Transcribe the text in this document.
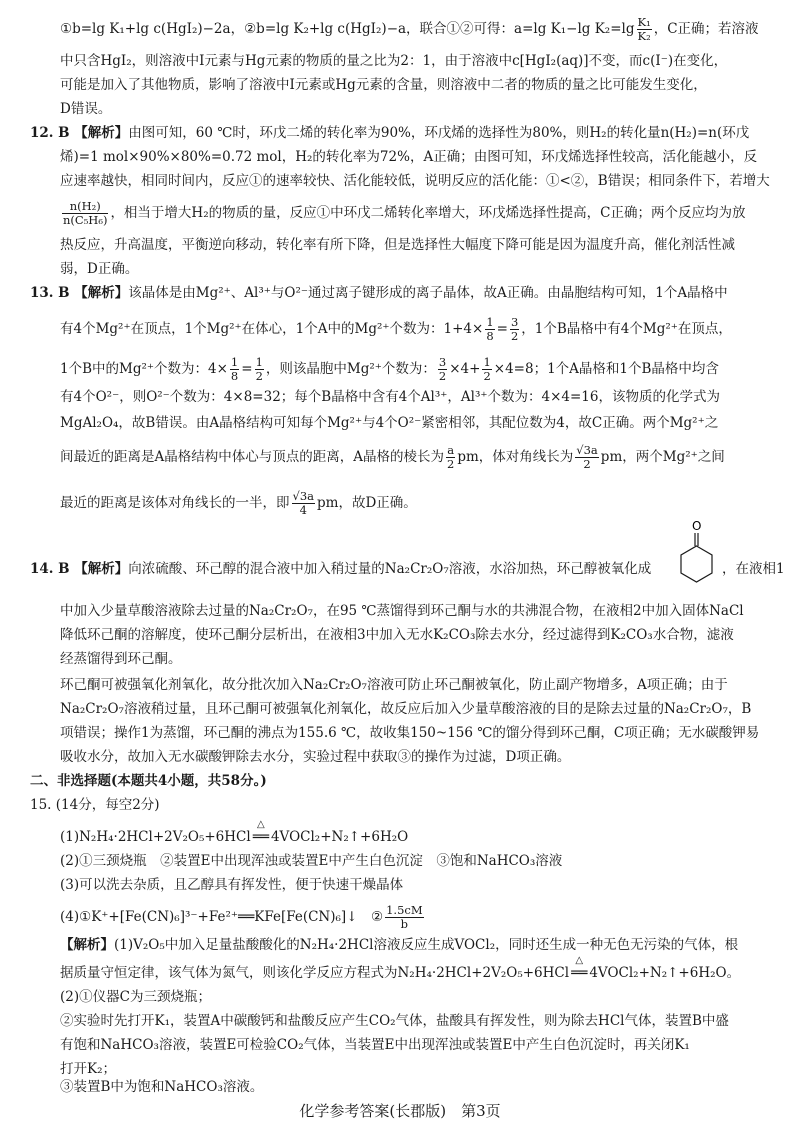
①b=lg K₁+lg c(HgI₂)−2a，②b=lg K₂+lg c(HgI₂)−a，联合①②可得：a=lg K₁−lg $K_2=\lg \frac{\text{K₁}}{\text{K₂}}$ ，C正确；若溶液
中只含HgI₂，则溶液中I元素与Hg元素的物质的量之比为2：1，由于溶液中c[HgI₂(aq)]不变，而c(I⁻)在变化，
可能是加入了其他物质，影响了溶液中I元素或Hg元素的含量，则溶液中二者的物质的量之比可能发生变化，
D错误。
12. B 【解析】由图可知，60 ℃时，环戊二烯的转化率为90%，环戊烯的选择性为80%，则H₂的转化量n(H₂)=n(环戊
烯)=1 mol×90%×80%=0.72 mol，H₂的转化率为72%，A正确；由图可知，环戊烯选择性较高，活化能越小，反
应速率越快，相同时间内，反应①的速率较快、活化能较低，说明反应的活化能：①<②，B错误；相同条件下，若增大
$\frac{\text{n(H₂)}}{\text{n(C₅H₆)}}$ ，相当于增大H₂的物质的量，反应①中环戊二烯转化率增大，环戊烯选择性提高，C正确；两个反应均为放
热反应，升高温度，平衡逆向移动，转化率有所下降，但是选择性大幅度下降可能是因为温度升高，催化剂活性减
弱，D正确。
13. B 【解析】该晶体是由Mg²⁺、Al³⁺与O²⁻通过离子键形成的离子晶体，故A正确。由晶胞结构可知，1个A晶格中
有4个Mg²⁺在顶点，1个Mg²⁺在体心，1个A中的Mg²⁺个数为：$1+4\times \frac{1}{8} = \frac{3}{2}$ ，1个B晶格中有4个Mg²⁺在顶点，
1个B中的Mg²⁺个数为：$4\times \frac{1}{8} = \frac{1}{2}$ ，则该晶胞中Mg²⁺个数为： $\frac{3}{2} \times 4+ \frac{1}{2} \times 4=8$；1个A晶格和1个B晶格中均含
有4个O²⁻，则O²⁻个数为：4×8=32；每个B晶格中含有4个Al³⁺，Al³⁺个数为：4×4=16，该物质的化学式为
MgAl₂O₄，故B错误。由A晶格结构可知每个Mg²⁺与4个O²⁻紧密相邻，其配位数为4，故C正确。两个Mg²⁺之
间最近的距离是A晶格结构中体心与顶点的距离，A晶格的棱长为 $\frac{a}{2}$ pm，体对角线长为 $\frac{√3a}{2}$ pm，两个Mg²⁺之间
最近的距离是该体对角线长的一半，即 $\frac{√3a}{4}$ pm，故D正确。
O
14. B 【解析】向浓硫酸、环己醇的混合液中加入稍过量的Na₂Cr₂O₇溶液，水浴加热，环己醇被氧化成	，在液相1
中加入少量草酸溶液除去过量的Na₂Cr₂O₇，在95 ℃蒸馏得到环己酮与水的共沸混合物，在液相2中加入固体NaCl
降低环己酮的溶解度，使环己酮分层析出，在液相3中加入无水K₂CO₃除去水分，经过滤得到K₂CO₃水合物，滤液
经蒸馏得到环己酮。
环己酮可被强氧化剂氧化，故分批次加入Na₂Cr₂O₇溶液可防止环己酮被氧化，防止副产物增多，A项正确；由于
Na₂Cr₂O₇溶液稍过量，且环己酮可被强氧化剂氧化，故反应后加入少量草酸溶液的目的是除去过量的Na₂Cr₂O₇，B
项错误；操作1为蒸馏，环己酮的沸点为155.6 ℃，故收集150~156 ℃的馏分得到环己酮，C项正确；无水碳酸钾易
吸收水分，故加入无水碳酸钾除去水分，实验过程中获取③的操作为过滤，D项正确。
二、非选择题(本题共4小题，共58分。)
15. (14分，每空2分)
(1)N₂H₄·2HCl+2V₂O₅+6HCl
△
══ 4VOCl₂+N₂↑+6H₂O
(2)①三颈烧瓶　②装置E中出现浑浊或装置E中产生白色沉淀　③饱和NaHCO₃溶液
(3)可以洗去杂质，且乙醇具有挥发性，便于快速干燥晶体
(4)①K⁺+[Fe(CN)₆]³⁻+Fe²⁺══KFe[Fe(CN)₆]↓　② $\frac{1.5cM}{b}$
【解析】(1)V₂O₅中加入足量盐酸酸化的N₂H₄·2HCl溶液反应生成VOCl₂，同时还生成一种无色无污染的气体，根
据质量守恒定律，该气体为氮气，则该化学反应方程式为N₂H₄·2HCl+2V₂O₅+6HCl
△
══ 4VOCl₂+N₂↑+6H₂O。
(2)①仪器C为三颈烧瓶；
②实验时先打开K₁，装置A中碳酸钙和盐酸反应产生CO₂气体，盐酸具有挥发性，则为除去HCl气体，装置B中盛
有饱和NaHCO₃溶液，装置E可检验CO₂气体，当装置E中出现浑浊或装置E中产生白色沉淀时，再关闭K₁
打开K₂；
③装置B中为饱和NaHCO₃溶液。
化学参考答案(长郡版)　第3页
